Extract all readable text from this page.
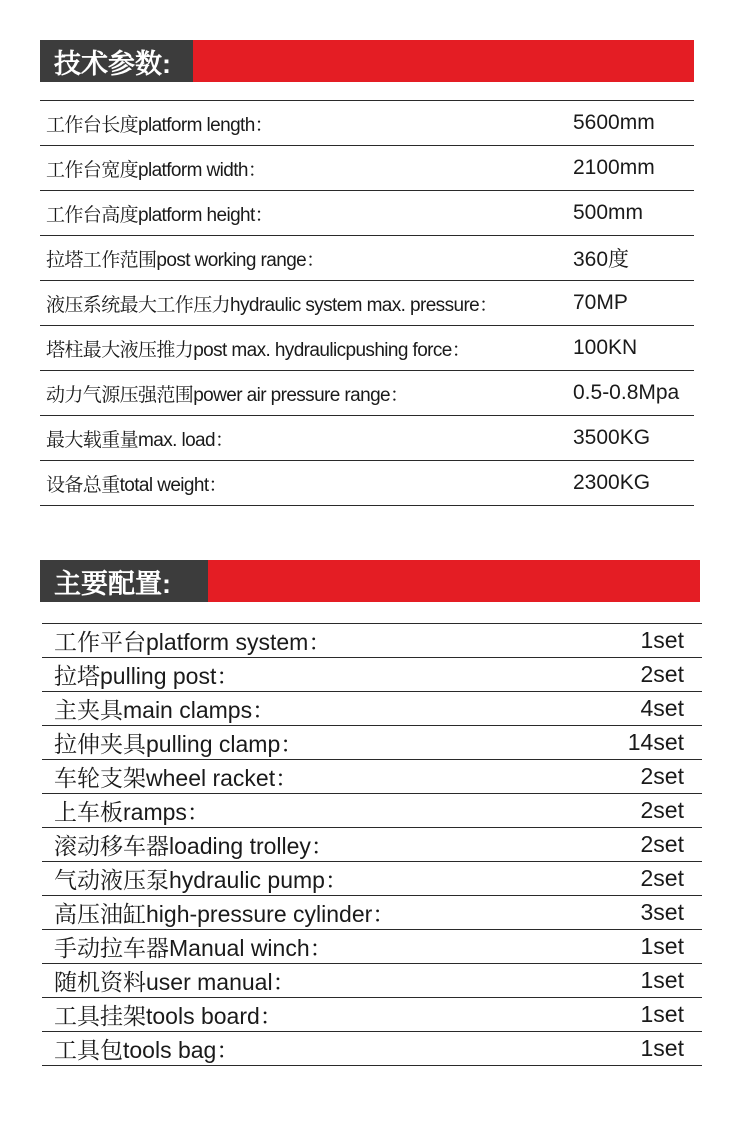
技术参数:
工作台长度platform length：	5600mm
工作台宽度platform width：	2100mm
工作台高度platform height：	500mm
拉塔工作范围post working range：	360度
液压系统最大工作压力hydraulic system max. pressure：	70MP
塔柱最大液压推力post max. hydraulicpushing force：	100KN
动力气源压强范围power air pressure range：	0.5-0.8Mpa
最大载重量max. load：	3500KG
设备总重total weight：	2300KG
主要配置:
工作平台platform system：	1set
拉塔pulling post：	2set
主夹具main clamps：	4set
拉伸夹具pulling clamp：	14set
车轮支架wheel racket：	2set
上车板ramps：	2set
滚动移车器loading trolley：	2set
气动液压泵hydraulic pump：	2set
高压油缸high-pressure cylinder：	3set
手动拉车器Manual winch：	1set
随机资料user manual：	1set
工具挂架tools board：	1set
工具包tools bag：	1set
